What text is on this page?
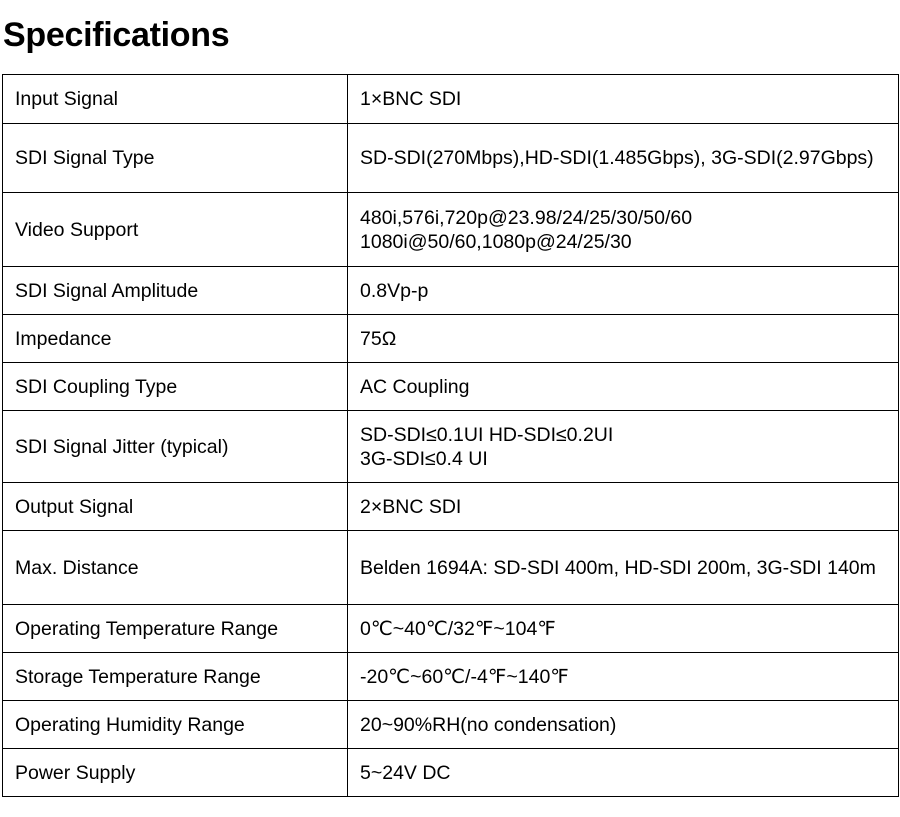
Specifications
Input Signal	1×BNC SDI
SDI Signal Type	SD-SDI(270Mbps),HD-SDI(1.485Gbps), 3G-SDI(2.97Gbps)
Video Support	480i,576i,720p@23.98/24/25/30/50/60
1080i@50/60,1080p@24/25/30
SDI Signal Amplitude	0.8Vp-p
Impedance	75Ω
SDI Coupling Type	AC Coupling
SDI Signal Jitter (typical)	SD-SDI≤0.1UI HD-SDI≤0.2UI
3G-SDI≤0.4 UI
Output Signal	2×BNC SDI
Max. Distance	Belden 1694A: SD-SDI 400m, HD-SDI 200m, 3G-SDI 140m
Operating Temperature Range	0℃~40℃/32℉~104℉
Storage Temperature Range	-20℃~60℃/-4℉~140℉
Operating Humidity Range	20~90%RH(no condensation)
Power Supply	5~24V DC
